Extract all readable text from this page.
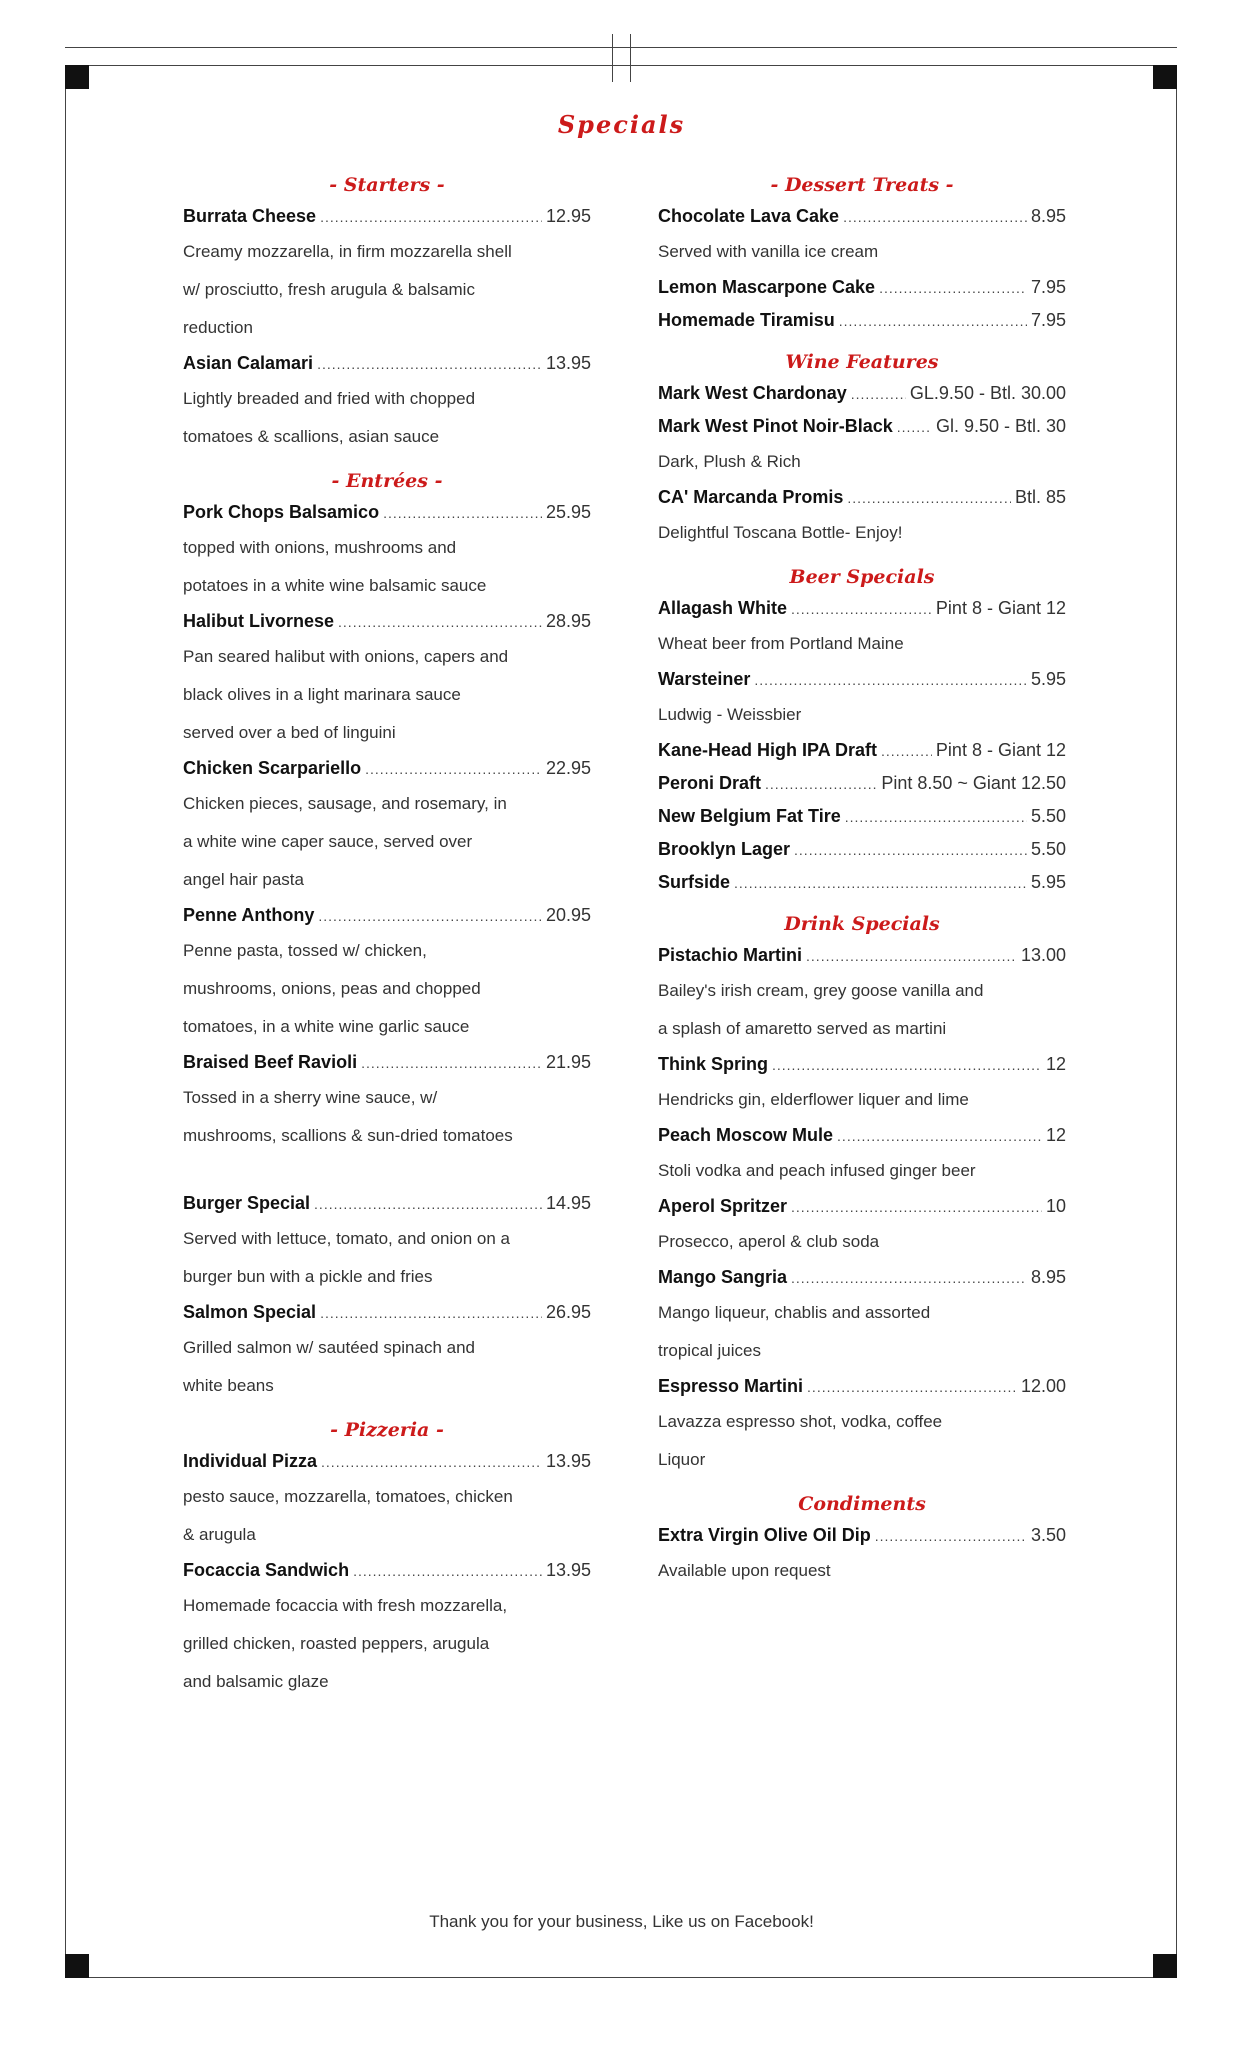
Specials
- Starters -
Burrata Cheese .....	12.95
Creamy mozzarella, in firm mozzarella shell
w/ prosciutto, fresh arugula & balsamic
reduction
Asian Calamari .....	13.95
Lightly breaded and fried with chopped
tomatoes & scallions, asian sauce
- Entrées -
Pork Chops Balsamico .....	25.95
topped with onions, mushrooms and
potatoes in a white wine balsamic sauce
Halibut Livornese .....	28.95
Pan seared halibut with onions, capers and
black olives in a light marinara sauce
served over a bed of linguini
Chicken Scarpariello .....	22.95
Chicken pieces, sausage, and rosemary, in
a white wine caper sauce, served over
angel hair pasta
Penne Anthony .....	20.95
Penne pasta, tossed w/ chicken,
mushrooms, onions, peas and chopped
tomatoes, in a white wine garlic sauce
Braised Beef Ravioli .....	21.95
Tossed in a sherry wine sauce, w/
mushrooms, scallions & sun-dried tomatoes
Burger Special .....	14.95
Served with lettuce, tomato, and onion on a
burger bun with a pickle and fries
Salmon Special .....	26.95
Grilled salmon w/ sautéed spinach and
white beans
- Pizzeria -
Individual Pizza .....	13.95
pesto sauce, mozzarella, tomatoes, chicken
& arugula
Focaccia Sandwich .....	13.95
Homemade focaccia with fresh mozzarella,
grilled chicken, roasted peppers, arugula
and balsamic glaze
- Dessert Treats -
Chocolate Lava Cake .....	8.95
Served with vanilla ice cream
Lemon Mascarpone Cake .....	7.95
Homemade Tiramisu .....	7.95
Wine Features
Mark West Chardonay .....	GL.9.50 - Btl. 30.00
Mark West Pinot Noir-Black ..... Gl. 9.50 - Btl. 30
Dark, Plush & Rich
CA' Marcanda Promis .....	Btl. 85
Delightful Toscana Bottle- Enjoy!
Beer Specials
Allagash White .....	Pint 8 - Giant 12
Wheat beer from Portland Maine
Warsteiner .....	5.95
Ludwig - Weissbier
Kane-Head High IPA Draft .....	Pint 8 - Giant 12
Peroni Draft .....	Pint 8.50 ~ Giant 12.50
New Belgium Fat Tire .....	5.50
Brooklyn Lager .....	5.50
Surfside .....	5.95
Drink Specials
Pistachio Martini .....	13.00
Bailey's irish cream, grey goose vanilla and
a splash of amaretto served as martini
Think Spring .....	12
Hendricks gin, elderflower liquer and lime
Peach Moscow Mule .....	12
Stoli vodka and peach infused ginger beer
Aperol Spritzer .....	10
Prosecco, aperol & club soda
Mango Sangria .....	8.95
Mango liqueur, chablis and assorted
tropical juices
Espresso Martini .....	12.00
Lavazza espresso shot, vodka, coffee
Liquor
Condiments
Extra Virgin Olive Oil Dip .....	3.50
Available upon request
Thank you for your business, Like us on Facebook!
